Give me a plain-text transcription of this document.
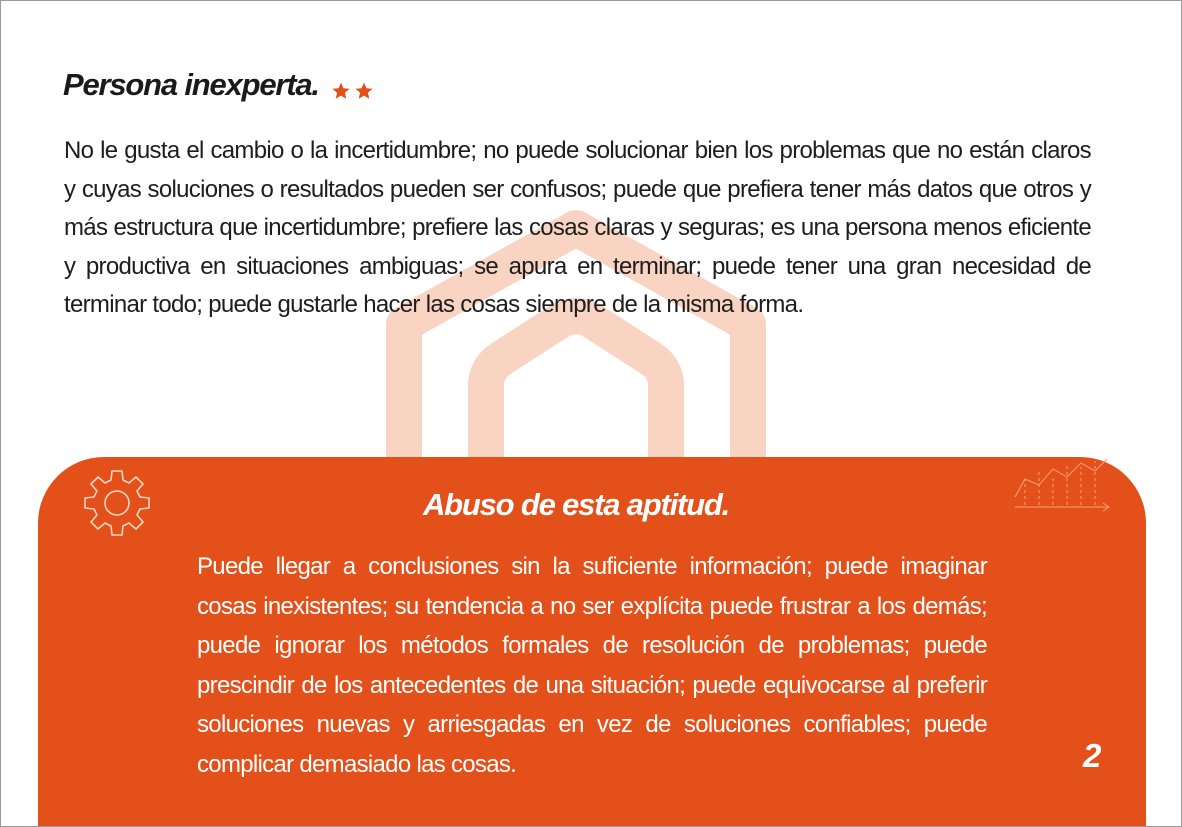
Persona inexperta.

No le gusta el cambio o la incertidumbre; no puede solucionar bien los problemas que no están claros y cuyas soluciones o resultados pueden ser confusos; puede que prefiera tener más datos que otros y más estructura que incertidumbre; prefiere las cosas claras y seguras; es una persona menos eficiente y productiva en situaciones ambiguas; se apura en terminar; puede tener una gran necesidad de terminar todo; puede gustarle hacer las cosas siempre de la misma forma.

Abuso de esta aptitud.

Puede llegar a conclusiones sin la suficiente información; puede imaginar cosas inexistentes; su tendencia a no ser explícita puede frustrar a los demás; puede ignorar los métodos formales de resolución de problemas; puede prescindir de los antecedentes de una situación; puede equivocarse al preferir soluciones nuevas y arriesgadas en vez de soluciones confiables; puede complicar demasiado las cosas.	2
